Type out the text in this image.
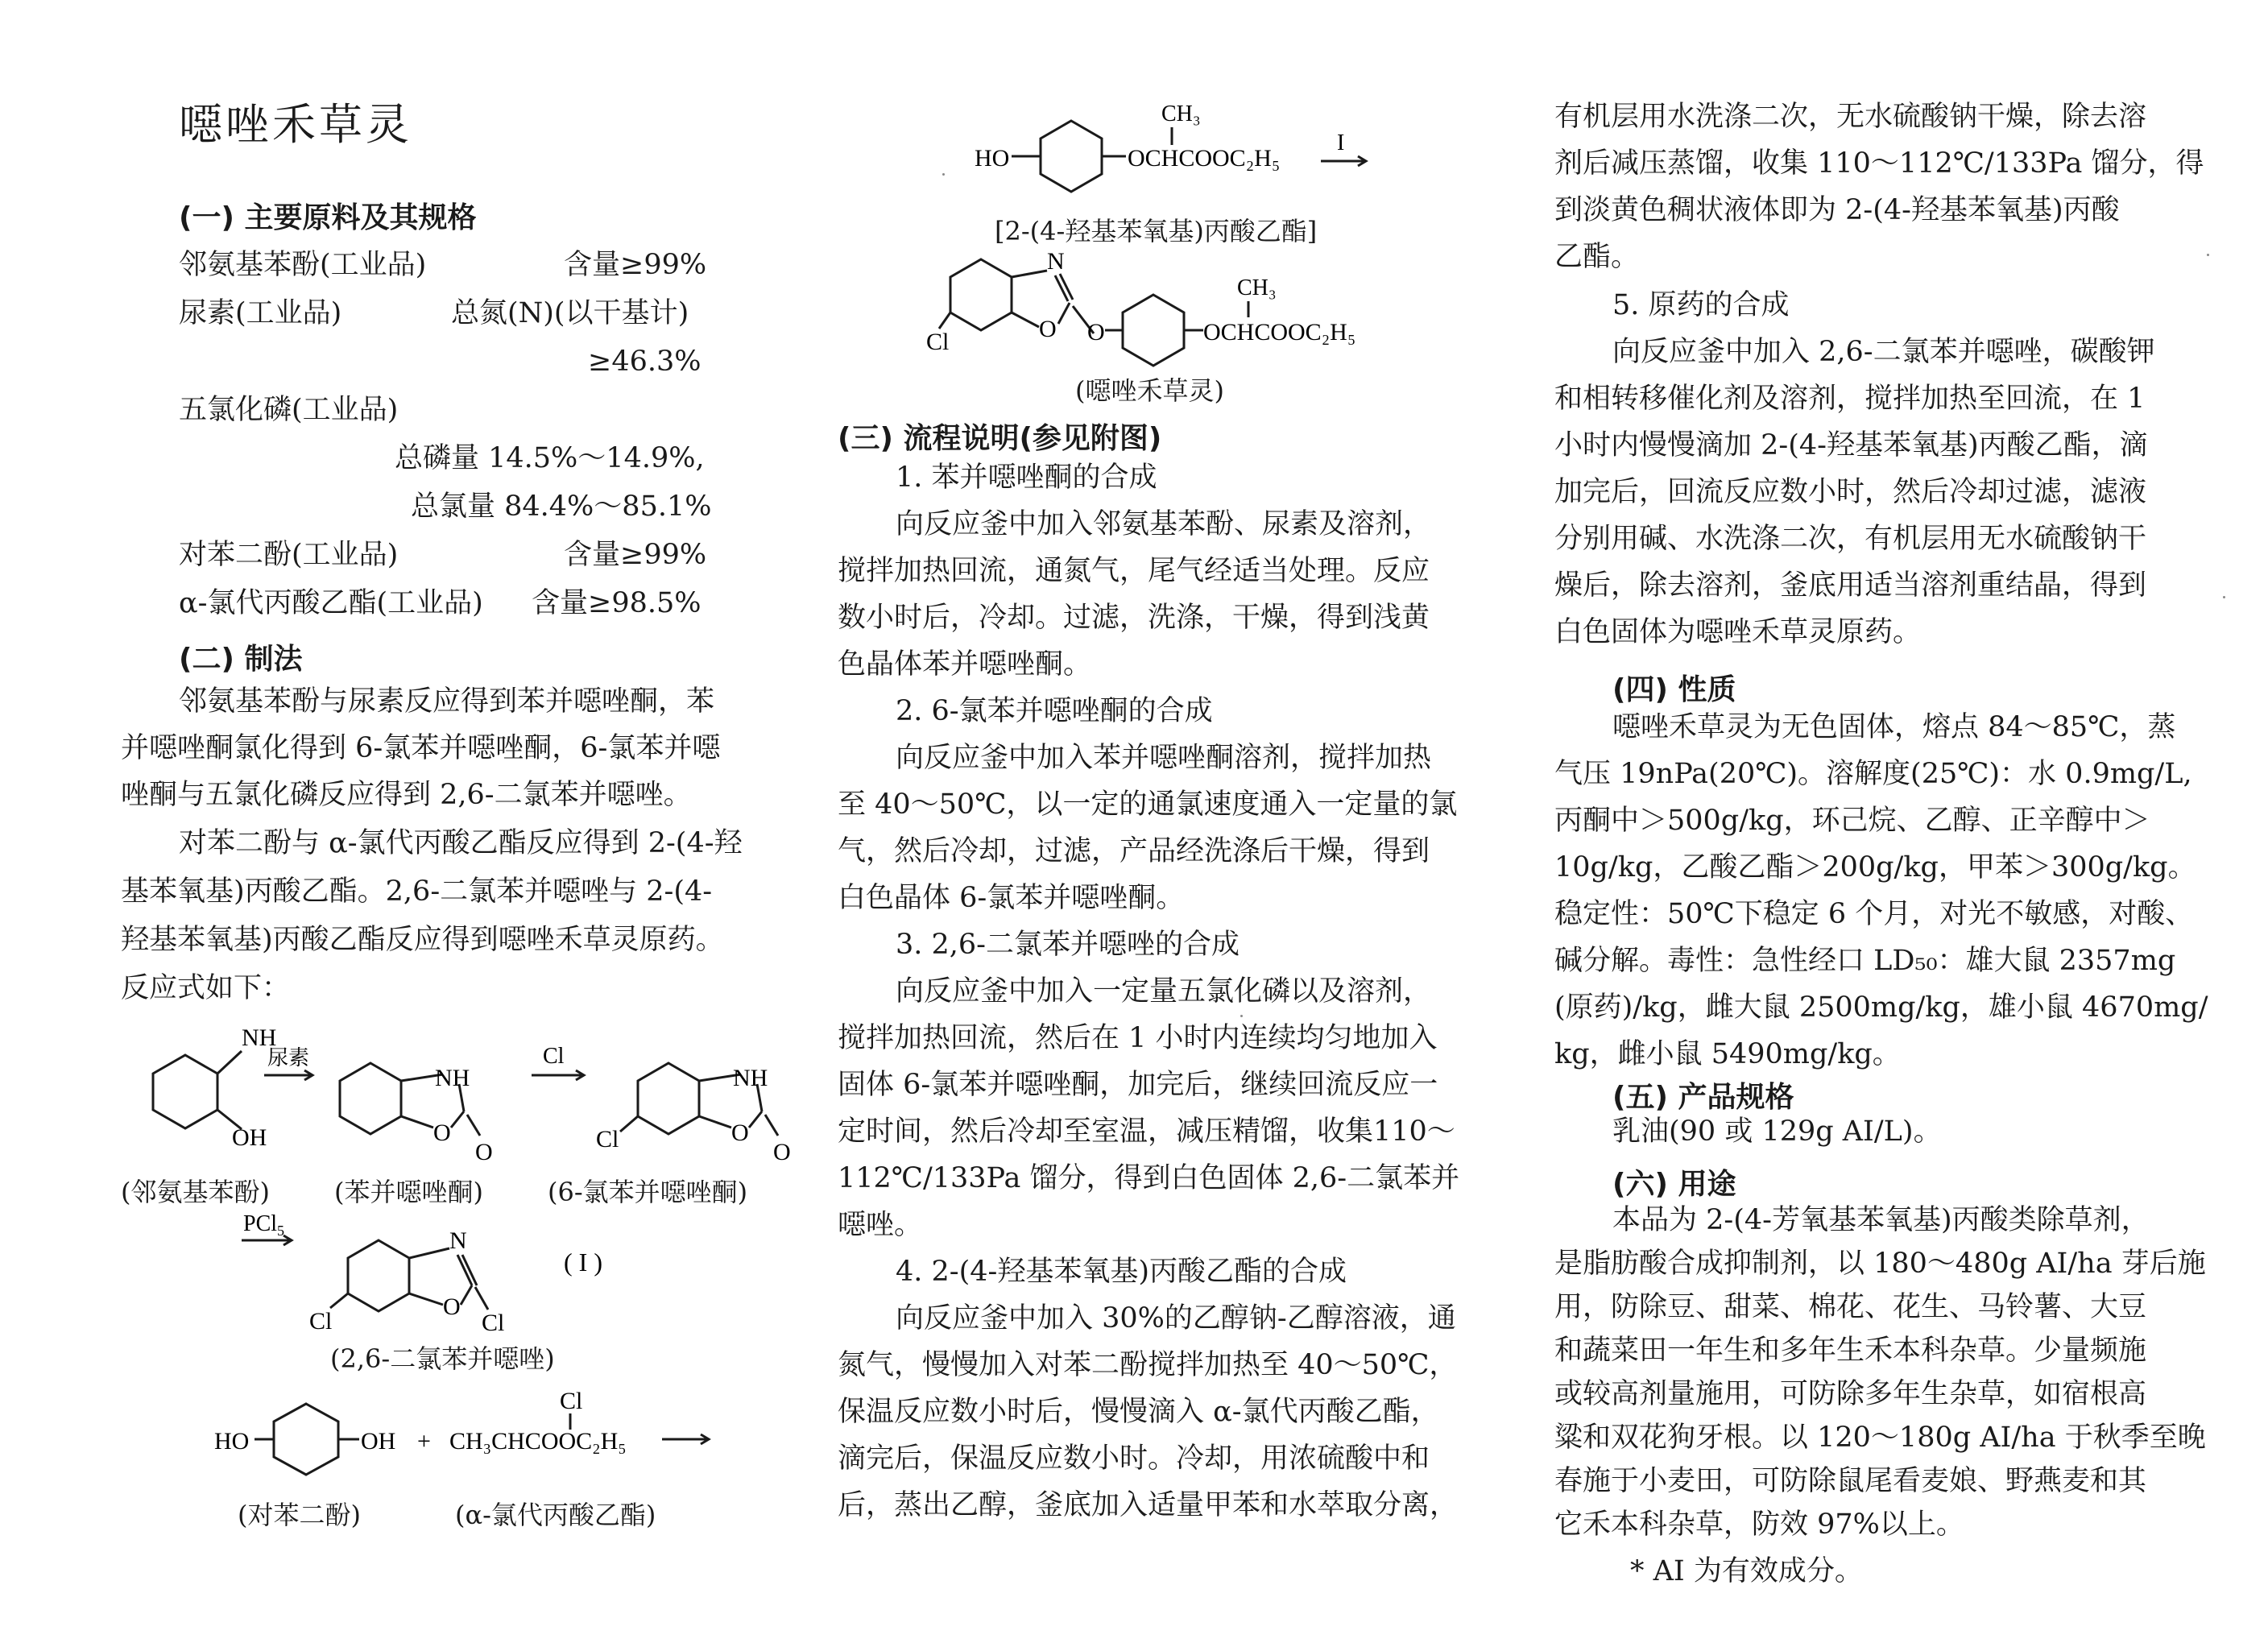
噁唑禾草灵
(一) 主要原料及其规格
邻氨基苯酚(工业品)	含量≥99%
尿素(工业品)	总氮(N)(以干基计)
≥46.3%
五氯化磷(工业品)
总磷量 14.5%～14.9%,
总氯量 84.4%～85.1%
对苯二酚(工业品)	含量≥99%
α-氯代丙酸乙酯(工业品) 含量≥98.5%
(二) 制法
邻氨基苯酚与尿素反应得到苯并噁唑酮，苯
并噁唑酮氯化得到 6-氯苯并噁唑酮，6-氯苯并噁
唑酮与五氯化磷反应得到 2,6-二氯苯并噁唑。
对苯二酚与 α-氯代丙酸乙酯反应得到 2-(4-羟
基苯氧基)丙酸乙酯。2,6-二氯苯并噁唑与 2-(4-
羟基苯氧基)丙酸乙酯反应得到噁唑禾草灵原药。
反应式如下：
NH
OH
尿素
NH
O
O
Cl
NH
O
O
Cl
(邻氨基苯酚)	(苯并噁唑酮)	(6-氯苯并噁唑酮)
PCl$_5$	N
O
Cl
Cl
( I )
(2,6-二氯苯并噁唑)
HO	OH +
Cl
CH₃CHCOOC₂H₅
(对苯二酚)	(α-氯代丙酸乙酯)
CH₃
HO	OCHCOOC₂H₅
I
[2-(4-羟基苯氧基)丙酸乙酯]
N
O O
Cl
CH₃
OCHCOOC₂H₅
(噁唑禾草灵)
(三) 流程说明(参见附图)
1. 苯并噁唑酮的合成
向反应釜中加入邻氨基苯酚、尿素及溶剂，
搅拌加热回流，通氮气，尾气经适当处理。反应
数小时后，冷却。过滤，洗涤，干燥，得到浅黄
色晶体苯并噁唑酮。
2. 6-氯苯并噁唑酮的合成
向反应釜中加入苯并噁唑酮溶剂，搅拌加热
至 40～50℃，以一定的通氯速度通入一定量的氯
气，然后冷却，过滤，产品经洗涤后干燥，得到
白色晶体 6-氯苯并噁唑酮。
3. 2,6-二氯苯并噁唑的合成
向反应釜中加入一定量五氯化磷以及溶剂，
搅拌加热回流，然后在 1 小时内连续均匀地加入
固体 6-氯苯并噁唑酮，加完后，继续回流反应一
定时间，然后冷却至室温，减压精馏，收集110～
112℃/133Pa 馏分，得到白色固体 2,6-二氯苯并
噁唑。
4. 2-(4-羟基苯氧基)丙酸乙酯的合成
向反应釜中加入 30%的乙醇钠-乙醇溶液，通
氮气，慢慢加入对苯二酚搅拌加热至 40～50℃，
保温反应数小时后，慢慢滴入 α-氯代丙酸乙酯，
滴完后，保温反应数小时。冷却，用浓硫酸中和
后，蒸出乙醇，釜底加入适量甲苯和水萃取分离，
有机层用水洗涤二次，无水硫酸钠干燥，除去溶
剂后减压蒸馏，收集 110～112℃/133Pa 馏分，得
到淡黄色稠状液体即为 2-(4-羟基苯氧基)丙酸
乙酯。
5. 原药的合成
向反应釜中加入 2,6-二氯苯并噁唑，碳酸钾
和相转移催化剂及溶剂，搅拌加热至回流，在 1
小时内慢慢滴加 2-(4-羟基苯氧基)丙酸乙酯，滴
加完后，回流反应数小时，然后冷却过滤，滤液
分别用碱、水洗涤二次，有机层用无水硫酸钠干
燥后，除去溶剂，釜底用适当溶剂重结晶，得到
白色固体为噁唑禾草灵原药。
(四) 性质
噁唑禾草灵为无色固体，熔点 84～85℃，蒸
气压 19nPa(20℃)。溶解度(25℃)：水 0.9mg/L,
丙酮中＞500g/kg，环己烷、乙醇、正辛醇中＞
10g/kg，乙酸乙酯＞200g/kg，甲苯＞300g/kg。
稳定性：50℃下稳定 6 个月，对光不敏感，对酸、
碱分解。毒性：急性经口 LD₅₀：雄大鼠 2357mg
(原药)/kg，雌大鼠 2500mg/kg，雄小鼠 4670mg/
kg，雌小鼠 5490mg/kg。
(五) 产品规格
乳油(90 或 129g AI/L)。
(六) 用途
本品为 2-(4-芳氧基苯氧基)丙酸类除草剂，
是脂肪酸合成抑制剂，以 180～480g AI/ha 芽后施
用，防除豆、甜菜、棉花、花生、马铃薯、大豆
和蔬菜田一年生和多年生禾本科杂草。少量频施
或较高剂量施用，可防除多年生杂草，如宿根高
粱和双花狗牙根。以 120～180g AI/ha 于秋季至晚
春施于小麦田，可防除鼠尾看麦娘、野燕麦和其
它禾本科杂草，防效 97%以上。
* AI 为有效成分。
